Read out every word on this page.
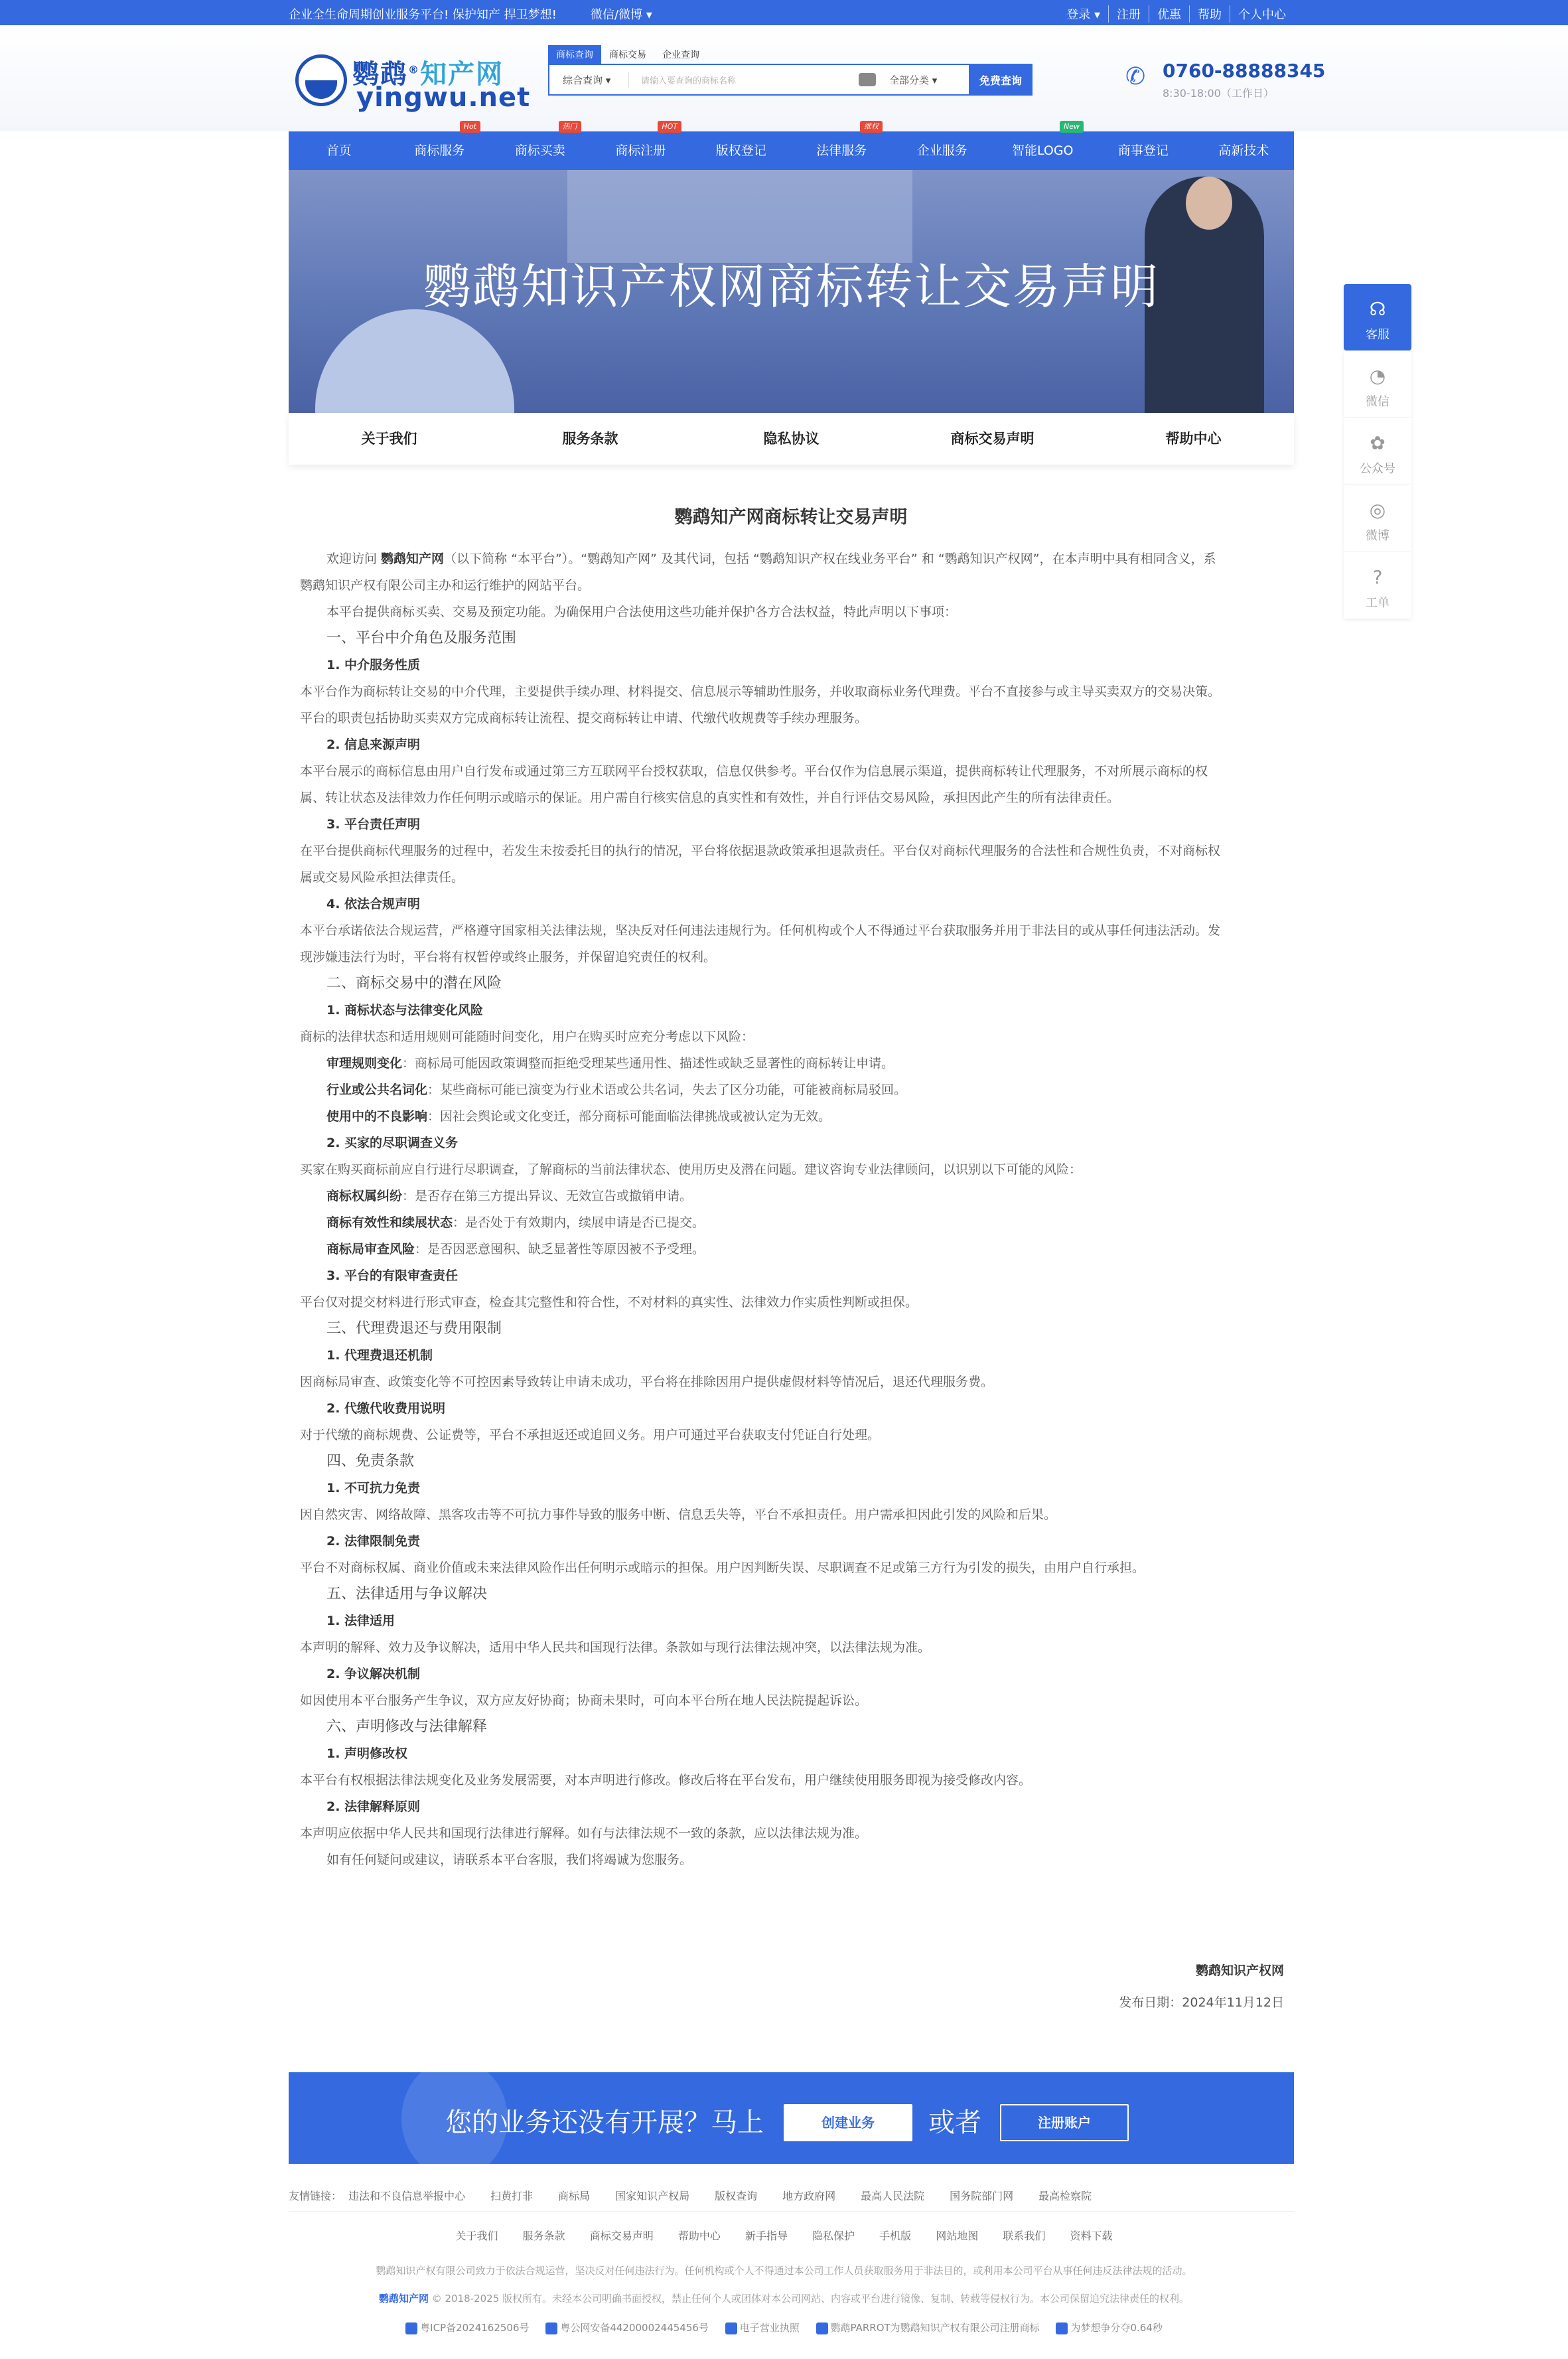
企业全生命周期创业服务平台! 保护知产 捍卫梦想!	微信/微博 ▾	登录 ▾	注册	优惠	帮助	个人中心
鹦鹉®知产网
yingwu.net
商标查询	商标交易	企业查询
综合查询 ▾	请输入要查询的商标名称	全部分类 ▾	免费查询	✆ 0760-88888345
8:30-18:00（工作日）
首页	商标服务
Hot
商标买卖
热门
商标注册
HOT
版权登记	法律服务
维权
企业服务	智能LOGO
New
商事登记	高新技术
鹦鹉知识产权网商标转让交易声明
关于我们	服务条款	隐私协议	商标交易声明	帮助中心
☊
客服
◔
微信
✿
公众号
◎
微博
?
工单
鹦鹉知产网商标转让交易声明

欢迎访问 鹦鹉知产网（以下简称 “本平台”）。“鹦鹉知产网” 及其代词，包括 “鹦鹉知识产权在线业务平台” 和 “鹦鹉知识产权网”，在本声明中具有相同含义，系

鹦鹉知识产权有限公司主办和运行维护的网站平台。

本平台提供商标买卖、交易及预定功能。为确保用户合法使用这些功能并保护各方合法权益，特此声明以下事项：

一、平台中介角色及服务范围

1. 中介服务性质

本平台作为商标转让交易的中介代理，主要提供手续办理、材料提交、信息展示等辅助性服务，并收取商标业务代理费。平台不直接参与或主导买卖双方的交易决策。

平台的职责包括协助买卖双方完成商标转让流程、提交商标转让申请、代缴代收规费等手续办理服务。

2. 信息来源声明

本平台展示的商标信息由用户自行发布或通过第三方互联网平台授权获取，信息仅供参考。平台仅作为信息展示渠道，提供商标转让代理服务，不对所展示商标的权

属、转让状态及法律效力作任何明示或暗示的保证。用户需自行核实信息的真实性和有效性，并自行评估交易风险，承担因此产生的所有法律责任。

3. 平台责任声明

在平台提供商标代理服务的过程中，若发生未按委托目的执行的情况，平台将依据退款政策承担退款责任。平台仅对商标代理服务的合法性和合规性负责，不对商标权

属或交易风险承担法律责任。

4. 依法合规声明

本平台承诺依法合规运营，严格遵守国家相关法律法规，坚决反对任何违法违规行为。任何机构或个人不得通过平台获取服务并用于非法目的或从事任何违法活动。发

现涉嫌违法行为时，平台将有权暂停或终止服务，并保留追究责任的权利。

二、商标交易中的潜在风险

1. 商标状态与法律变化风险

商标的法律状态和适用规则可能随时间变化，用户在购买时应充分考虑以下风险：

审理规则变化：商标局可能因政策调整而拒绝受理某些通用性、描述性或缺乏显著性的商标转让申请。

行业或公共名词化：某些商标可能已演变为行业术语或公共名词，失去了区分功能，可能被商标局驳回。

使用中的不良影响：因社会舆论或文化变迁，部分商标可能面临法律挑战或被认定为无效。

2. 买家的尽职调查义务

买家在购买商标前应自行进行尽职调查，了解商标的当前法律状态、使用历史及潜在问题。建议咨询专业法律顾问，以识别以下可能的风险：

商标权属纠纷：是否存在第三方提出异议、无效宣告或撤销申请。

商标有效性和续展状态：是否处于有效期内，续展申请是否已提交。

商标局审查风险：是否因恶意囤积、缺乏显著性等原因被不予受理。

3. 平台的有限审查责任

平台仅对提交材料进行形式审查，检查其完整性和符合性，不对材料的真实性、法律效力作实质性判断或担保。

三、代理费退还与费用限制

1. 代理费退还机制

因商标局审查、政策变化等不可控因素导致转让申请未成功，平台将在排除因用户提供虚假材料等情况后，退还代理服务费。

2. 代缴代收费用说明

对于代缴的商标规费、公证费等，平台不承担返还或追回义务。用户可通过平台获取支付凭证自行处理。

四、免责条款

1. 不可抗力免责

因自然灾害、网络故障、黑客攻击等不可抗力事件导致的服务中断、信息丢失等，平台不承担责任。用户需承担因此引发的风险和后果。

2. 法律限制免责

平台不对商标权属、商业价值或未来法律风险作出任何明示或暗示的担保。用户因判断失误、尽职调查不足或第三方行为引发的损失，由用户自行承担。

五、法律适用与争议解决

1. 法律适用

本声明的解释、效力及争议解决，适用中华人民共和国现行法律。条款如与现行法律法规冲突，以法律法规为准。

2. 争议解决机制

如因使用本平台服务产生争议，双方应友好协商；协商未果时，可向本平台所在地人民法院提起诉讼。

六、声明修改与法律解释

1. 声明修改权

本平台有权根据法律法规变化及业务发展需要，对本声明进行修改。修改后将在平台发布，用户继续使用服务即视为接受修改内容。

2. 法律解释原则

本声明应依据中华人民共和国现行法律进行解释。如有与法律法规不一致的条款，应以法律法规为准。

如有任何疑问或建议，请联系本平台客服，我们将竭诚为您服务。

鹦鹉知识产权网
发布日期：2024年11月12日
您的业务还没有开展？马上	创建业务	或者	注册账户
友情链接： 违法和不良信息举报中心 扫黄打非 商标局 国家知识产权局 版权查询 地方政府网 最高人民法院 国务院部门网 最高检察院
关于我们 服务条款 商标交易声明 帮助中心 新手指导 隐私保护 手机版 网站地图 联系我们 资料下载
鹦鹉知识产权有限公司致力于依法合规运营，坚决反对任何违法行为。任何机构或个人不得通过本公司工作人员获取服务用于非法目的，或利用本公司平台从事任何违反法律法规的活动。
鹦鹉知产网 © 2018-2025 版权所有。未经本公司明确书面授权，禁止任何个人或团体对本公司网站、内容或平台进行镜像、复制、转载等侵权行为。本公司保留追究法律责任的权利。
粤ICP备2024162506号	粤公网安备44200002445456号	电子营业执照	鹦鹉PARROT为鹦鹉知识产权有限公司注册商标	为梦想争分夺0.64秒
